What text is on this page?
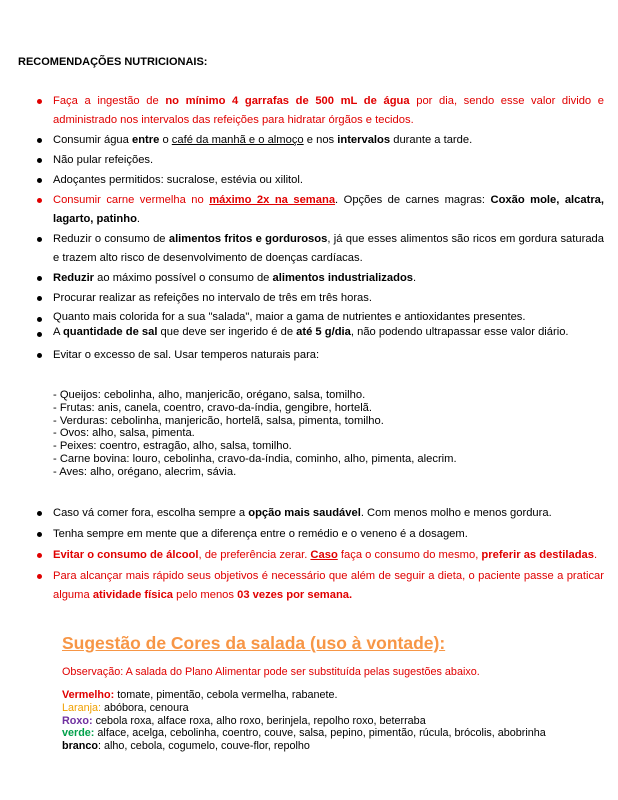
RECOMENDAÇÕES NUTRICIONAIS:
Faça a ingestão de no mínimo 4 garrafas de 500 mL de água por dia, sendo esse valor divido e administrado nos intervalos das refeições para hidratar órgãos e tecidos.
Consumir água entre o café da manhã e o almoço e nos intervalos durante a tarde.
Não pular refeições.
Adoçantes permitidos: sucralose, estévia ou xilitol.
Consumir carne vermelha no máximo 2x na semana. Opções de carnes magras: Coxão mole, alcatra, lagarto, patinho.
Reduzir o consumo de alimentos fritos e gordurosos, já que esses alimentos são ricos em gordura saturada e trazem alto risco de desenvolvimento de doenças cardíacas.
Reduzir ao máximo possível o consumo de alimentos industrializados.
Procurar realizar as refeições no intervalo de três em três horas.
Quanto mais colorida for a sua "salada", maior a gama de nutrientes e antioxidantes presentes.
A quantidade de sal que deve ser ingerido é de até 5 g/dia, não podendo ultrapassar esse valor diário.
Evitar o excesso de sal. Usar temperos naturais para:
- Queijos: cebolinha, alho, manjericão, orégano, salsa, tomilho.
- Frutas: anis, canela, coentro, cravo-da-índia, gengibre, hortelã.
- Verduras: cebolinha, manjericão, hortelã, salsa, pimenta, tomilho.
- Ovos: alho, salsa, pimenta.
- Peixes: coentro, estragão, alho, salsa, tomilho.
- Carne bovina: louro, cebolinha, cravo-da-índia, cominho, alho, pimenta, alecrim.
- Aves: alho, orégano, alecrim, sávia.
Caso vá comer fora, escolha sempre a opção mais saudável. Com menos molho e menos gordura.
Tenha sempre em mente que a diferença entre o remédio e o veneno é a dosagem.
Evitar o consumo de álcool, de preferência zerar. Caso faça o consumo do mesmo, preferir as destiladas.
Para alcançar mais rápido seus objetivos é necessário que além de seguir a dieta, o paciente passe a praticar alguma atividade física pelo menos 03 vezes por semana.
Sugestão de Cores da salada (uso à vontade):
Observação: A salada do Plano Alimentar pode ser substituída pelas sugestões abaixo.
Vermelho: tomate, pimentão, cebola vermelha, rabanete.
Laranja: abóbora, cenoura
Roxo: cebola roxa, alface roxa, alho roxo, berinjela, repolho roxo, beterraba
verde: alface, acelga, cebolinha, coentro, couve, salsa, pepino, pimentão, rúcula, brócolis, abobrinha
branco: alho, cebola, cogumelo, couve-flor, repolho
